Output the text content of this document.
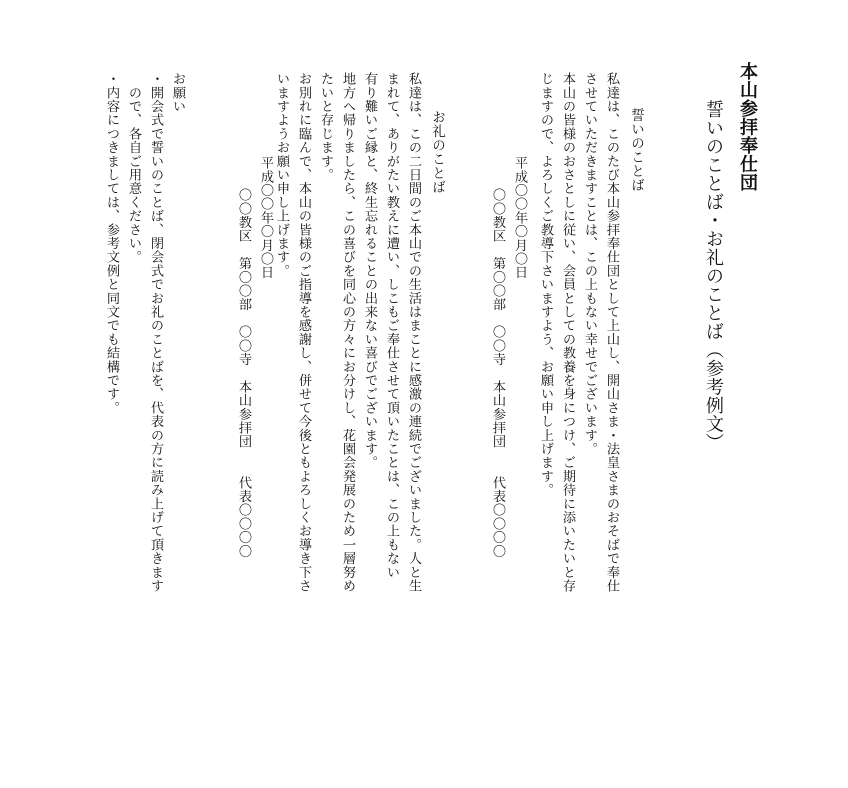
本山参拝奉仕団
誓いのことば・お礼のことば（参考例文）
誓いのことば
私達は、このたび本山参拝奉仕団として上山し、開山さま・法皇さまのおそばで奉仕
させていただきますことは、この上もない幸せでございます。
本山の皆様のおさとしに従い、会員としての教養を身につけ、ご期待に添いたいと存
じますので、よろしくご教導下さいますよう、お願い申し上げます。
平成〇〇年〇月〇日
〇〇教区　第〇〇部　〇〇寺　本山参拝団　　代表〇〇〇〇
お礼のことば
私達は、この二日間のご本山での生活はまことに感激の連続でございました。人と生
まれて、ありがたい教えに遭い、しこもご奉仕させて頂いたことは、この上もない
有り難いご縁と、終生忘れることの出来ない喜びでございます。
地方へ帰りましたら、この喜びを同心の方々にお分けし、花園会発展のため一層努め
たいと存じます。
お別れに臨んで、本山の皆様のご指導を感謝し、併せて今後ともよろしくお導き下さ
いますようお願い申し上げます。
平成〇〇年〇月〇日
〇〇教区　第〇〇部　〇〇寺　本山参拝団　　代表〇〇〇〇
お願い
・開会式で誓いのことば、閉会式でお礼のことばを、代表の方に読み上げて頂きます
　ので、各自ご用意ください。
・内容につきましては、参考文例と同文でも結構です。
